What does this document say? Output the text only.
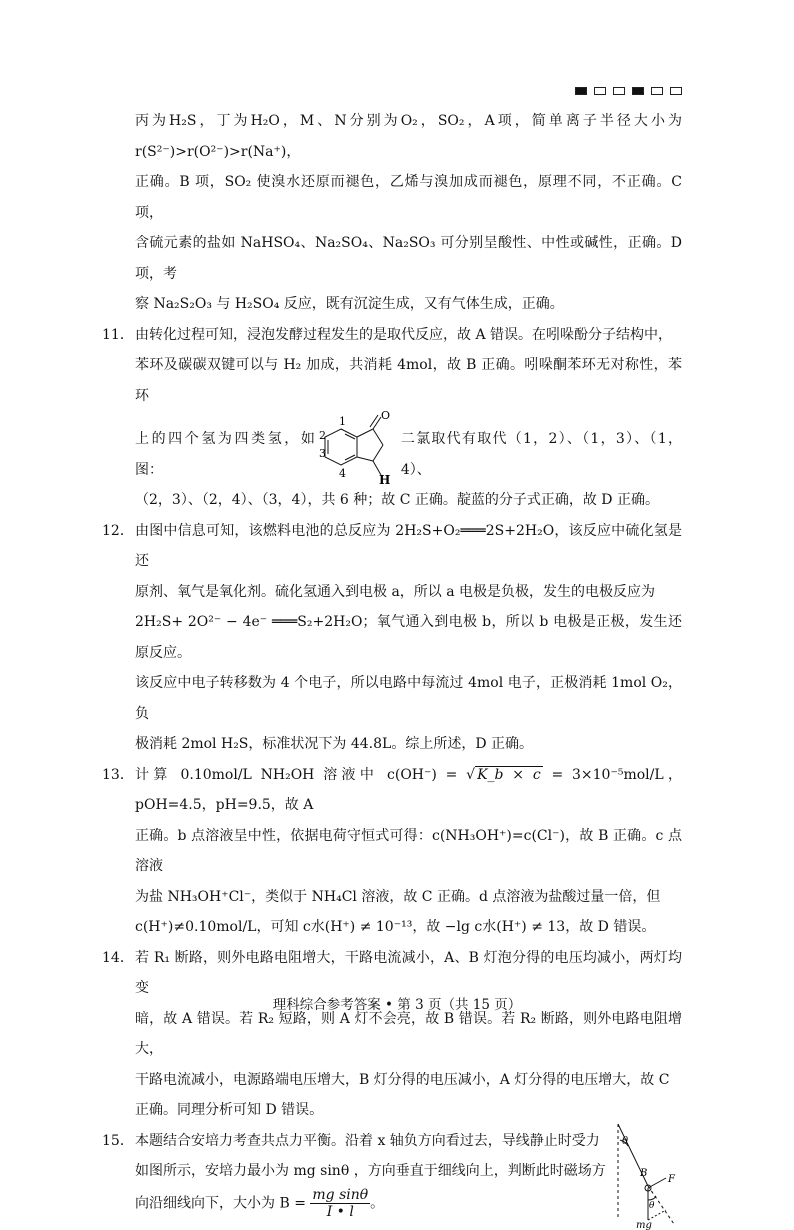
丙为H₂S，丁为H₂O，M、N分别为O₂，SO₂，A项，简单离子半径大小为r(S²⁻)>r(O²⁻)>r(Na⁺)，
正确。B 项，SO₂ 使溴水还原而褪色，乙烯与溴加成而褪色，原理不同，不正确。C 项，
含硫元素的盐如 NaHSO₄、Na₂SO₄、Na₂SO₃ 可分别呈酸性、中性或碱性，正确。D 项，考
察 Na₂S₂O₃ 与 H₂SO₄ 反应，既有沉淀生成，又有气体生成，正确。
11． 由转化过程可知，浸泡发酵过程发生的是取代反应，故 A 错误。在吲哚酚分子结构中，

苯环及碳碳双键可以与 H₂ 加成，共消耗 4mol，故 B 正确。吲哚酮苯环无对称性，苯环

上的四个氢为四类氢，如图：
O
1
2
3
4	H
二氯取代有取代（1，2）、（1，3）、（1，4）、

（2，3）、（2，4）、（3，4），共 6 种；故 C 正确。靛蓝的分子式正确，故 D 正确。

12． 由图中信息可知，该燃料电池的总反应为 2H₂S+O₂═══2S+2H₂O，该反应中硫化氢是还

原剂、氧气是氧化剂。硫化氢通入到电极 a，所以 a 电极是负极，发生的电极反应为

2H₂S+ 2O²⁻ − 4e⁻ ═══S₂+2H₂O；氧气通入到电极 b，所以 b 电极是正极，发生还原反应。

该反应中电子转移数为 4 个电子，所以电路中每流过 4mol 电子，正极消耗 1mol O₂，负

极消耗 2mol H₂S，标准状况下为 44.8L。综上所述，D 正确。

13． 计算 0.10mol/L NH₂OH 溶液中 c(OH⁻) = √ K_b × c = 3×10⁻⁵mol/L，pOH=4.5，pH=9.5，故 A

正确。b 点溶液呈中性，依据电荷守恒式可得：c(NH₃OH⁺)=c(Cl⁻)，故 B 正确。c 点溶液

为盐 NH₃OH⁺Cl⁻，类似于 NH₄Cl 溶液，故 C 正确。d 点溶液为盐酸过量一倍，但

c(H⁺)≠0.10mol/L，可知 c水(H⁺) ≠ 10⁻¹³，故 −lg c水(H⁺) ≠ 13，故 D 错误。

14． 若 R₁ 断路，则外电路电阻增大，干路电流减小，A、B 灯泡分得的电压均减小，两灯均变

暗，故 A 错误。若 R₂ 短路，则 A 灯不会亮，故 B 错误。若 R₂ 断路，则外电路电阻增大，

干路电流减小，电源路端电压增大，B 灯分得的电压减小，A 灯分得的电压增大，故 C

正确。同理分析可知 D 错误。

15． 本题结合安培力考查共点力平衡。沿着 x 轴负方向看过去，导线静止时受力

如图所示，安培力最小为 mg sinθ ，方向垂直于细线向上，判断此时磁场方

向沿细线向下，大小为 $B = \frac{\text{mg sinθ}}{I • l}$ 。

θ
B
θ
F
mg
理科综合参考答案 • 第 3 页（共 15 页）
